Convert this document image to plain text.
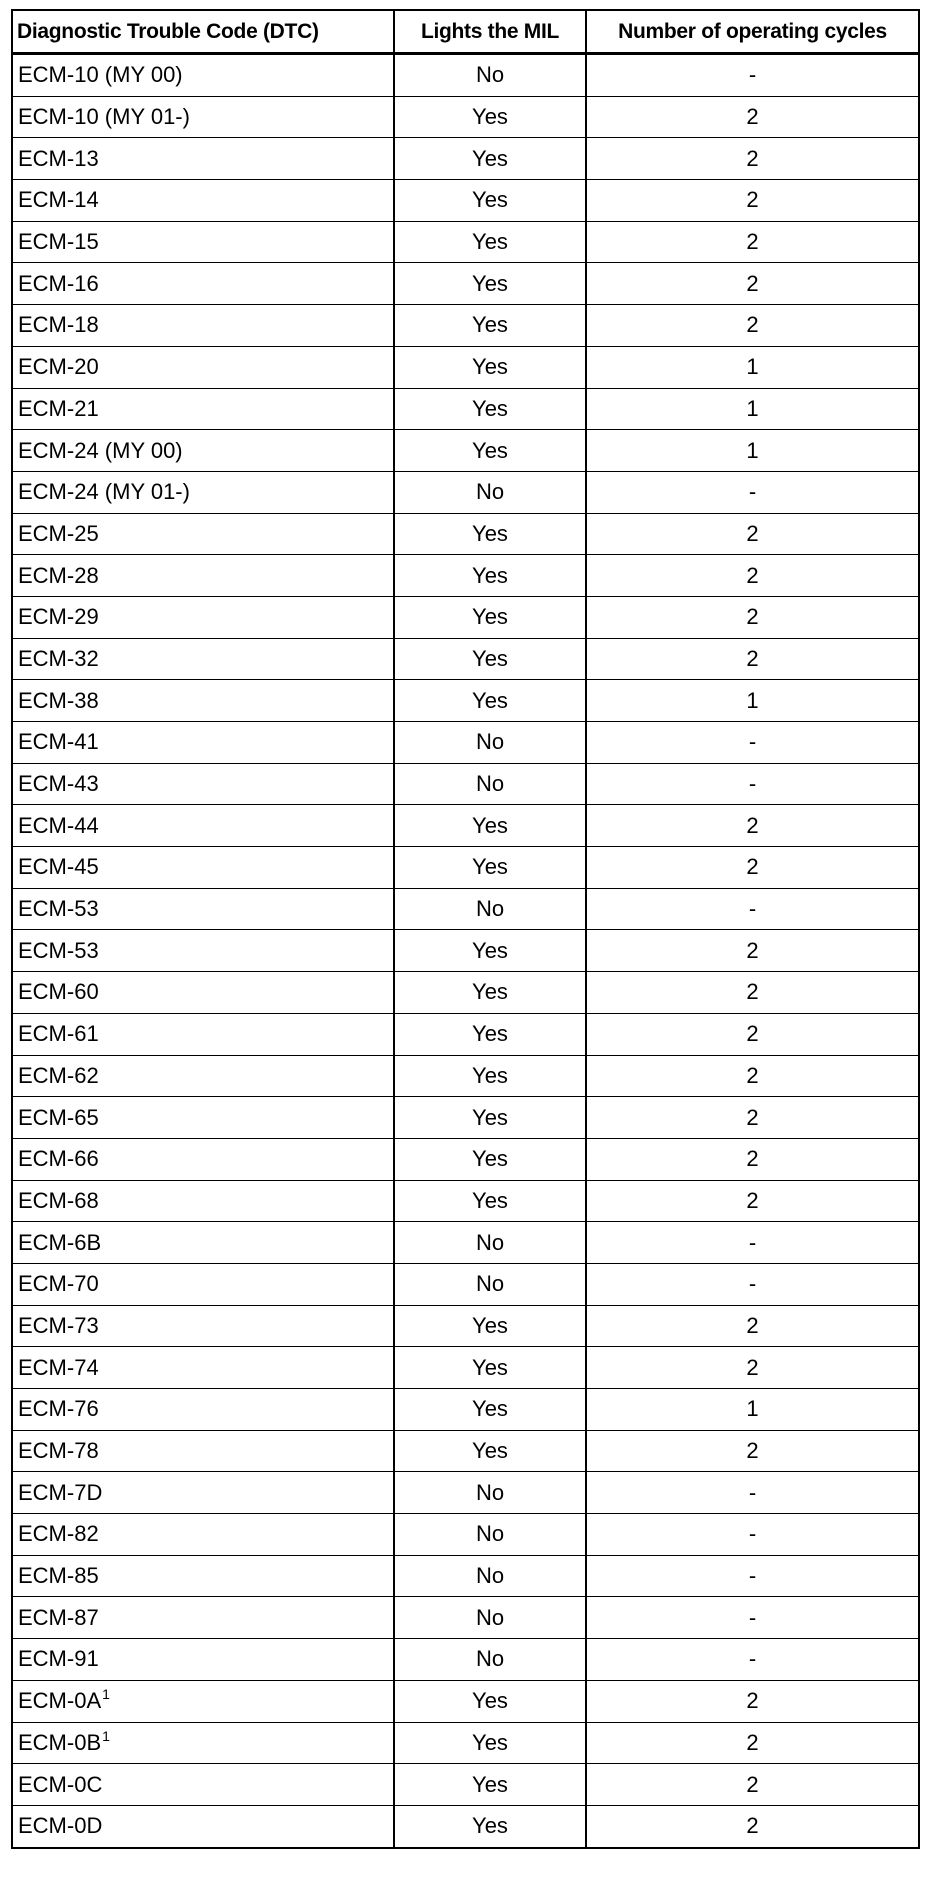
Diagnostic Trouble Code (DTC)	Lights the MIL	Number of operating cycles
ECM-10 (MY 00)	No	-
ECM-10 (MY 01-)	Yes	2
ECM-13	Yes	2
ECM-14	Yes	2
ECM-15	Yes	2
ECM-16	Yes	2
ECM-18	Yes	2
ECM-20	Yes	1
ECM-21	Yes	1
ECM-24 (MY 00)	Yes	1
ECM-24 (MY 01-)	No	-
ECM-25	Yes	2
ECM-28	Yes	2
ECM-29	Yes	2
ECM-32	Yes	2
ECM-38	Yes	1
ECM-41	No	-
ECM-43	No	-
ECM-44	Yes	2
ECM-45	Yes	2
ECM-53	No	-
ECM-53	Yes	2
ECM-60	Yes	2
ECM-61	Yes	2
ECM-62	Yes	2
ECM-65	Yes	2
ECM-66	Yes	2
ECM-68	Yes	2
ECM-6B	No	-
ECM-70	No	-
ECM-73	Yes	2
ECM-74	Yes	2
ECM-76	Yes	1
ECM-78	Yes	2
ECM-7D	No	-
ECM-82	No	-
ECM-85	No	-
ECM-87	No	-
ECM-91	No	-
ECM-0A$^1$	Yes	2
ECM-0B$^1$	Yes	2
ECM-0C	Yes	2
ECM-0D	Yes	2
